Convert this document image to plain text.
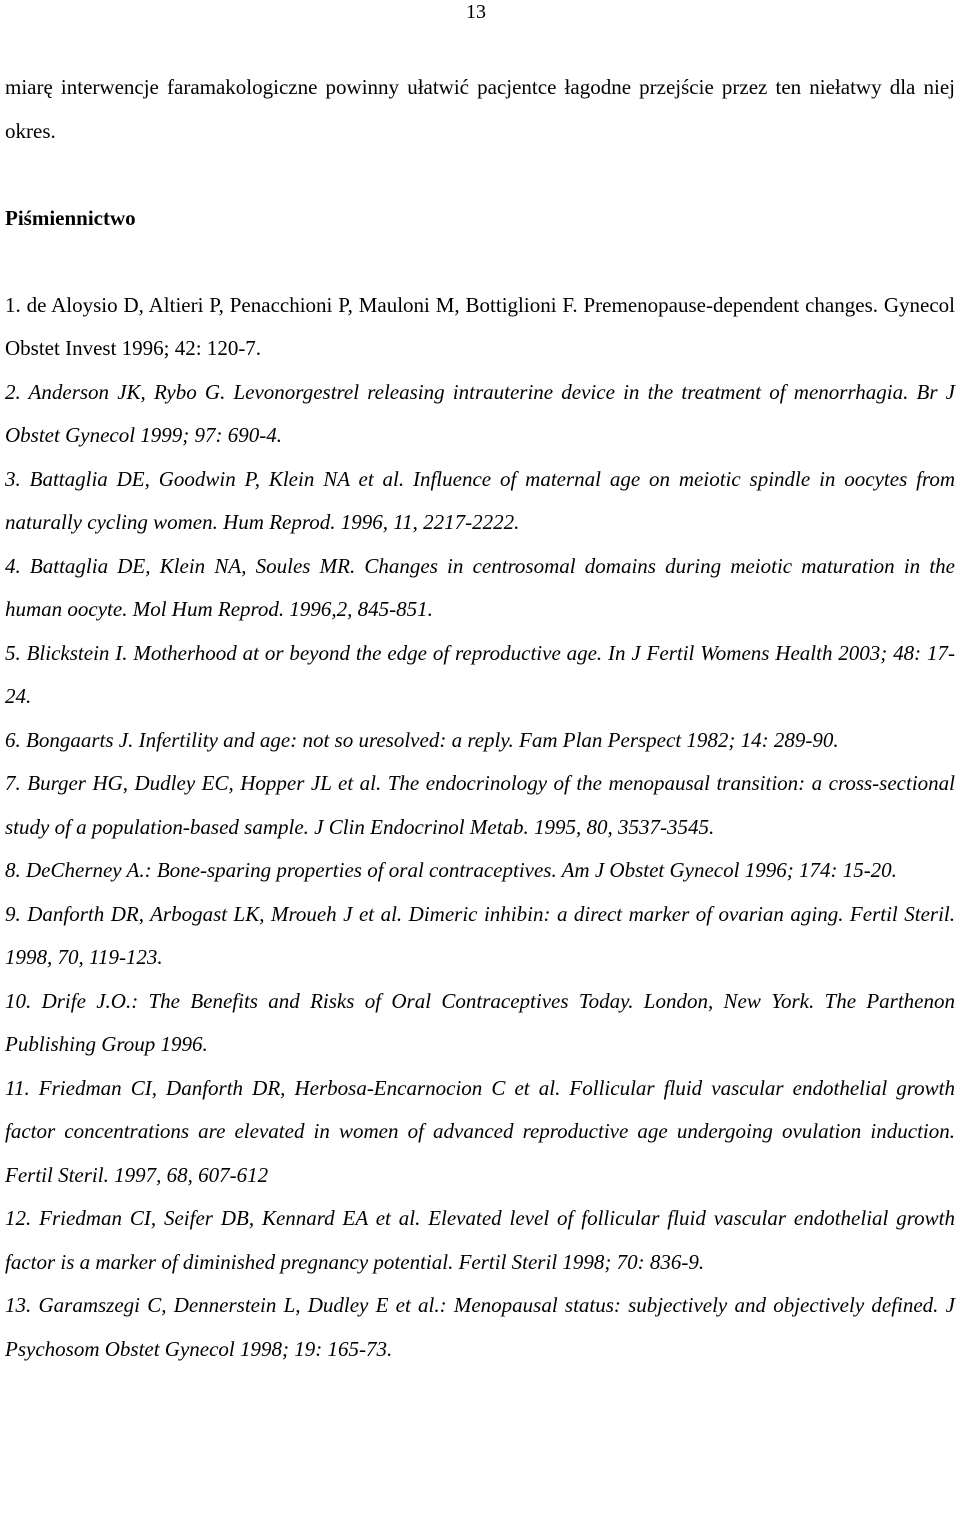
13

miarę interwencje faramakologiczne powinny ułatwić pacjentce łagodne przejście przez ten niełatwy dla niej okres.

Piśmiennictwo
1. de Aloysio D, Altieri P, Penacchioni P, Mauloni M, Bottiglioni F. Premenopause-dependent changes. Gynecol Obstet Invest 1996; 42: 120-7.
2. Anderson JK, Rybo G. Levonorgestrel releasing intrauterine device in the treatment of menorrhagia. Br J Obstet Gynecol 1999; 97: 690-4.
3. Battaglia DE, Goodwin P, Klein NA et al. Influence of maternal age on meiotic spindle in oocytes from naturally cycling women. Hum Reprod. 1996, 11, 2217-2222.
4. Battaglia DE, Klein NA, Soules MR. Changes in centrosomal domains during meiotic maturation in the human oocyte. Mol Hum Reprod. 1996,2, 845-851.
5. Blickstein I. Motherhood at or beyond the edge of reproductive age. In J Fertil Womens Health 2003; 48: 17-24.
6. Bongaarts J. Infertility and age: not so uresolved: a reply. Fam Plan Perspect 1982; 14: 289-90.
7. Burger HG, Dudley EC, Hopper JL et al. The endocrinology of the menopausal transition: a cross-sectional study of a population-based sample. J Clin Endocrinol Metab. 1995, 80, 3537-3545.
8. DeCherney A.: Bone-sparing properties of oral contraceptives. Am J Obstet Gynecol 1996; 174: 15-20.
9. Danforth DR, Arbogast LK, Mroueh J et al. Dimeric inhibin: a direct marker of ovarian aging. Fertil Steril. 1998, 70, 119-123.
10. Drife J.O.: The Benefits and Risks of Oral Contraceptives Today. London, New York. The Parthenon Publishing Group 1996.
11. Friedman CI, Danforth DR, Herbosa-Encarnocion C et al. Follicular fluid vascular endothelial growth factor concentrations are elevated in women of advanced reproductive age undergoing ovulation induction. Fertil Steril. 1997, 68, 607-612
12. Friedman CI, Seifer DB, Kennard EA et al. Elevated level of follicular fluid vascular endothelial growth factor is a marker of diminished pregnancy potential. Fertil Steril 1998; 70: 836-9.
13. Garamszegi C, Dennerstein L, Dudley E et al.: Menopausal status: subjectively and objectively defined. J Psychosom Obstet Gynecol 1998; 19: 165-73.
